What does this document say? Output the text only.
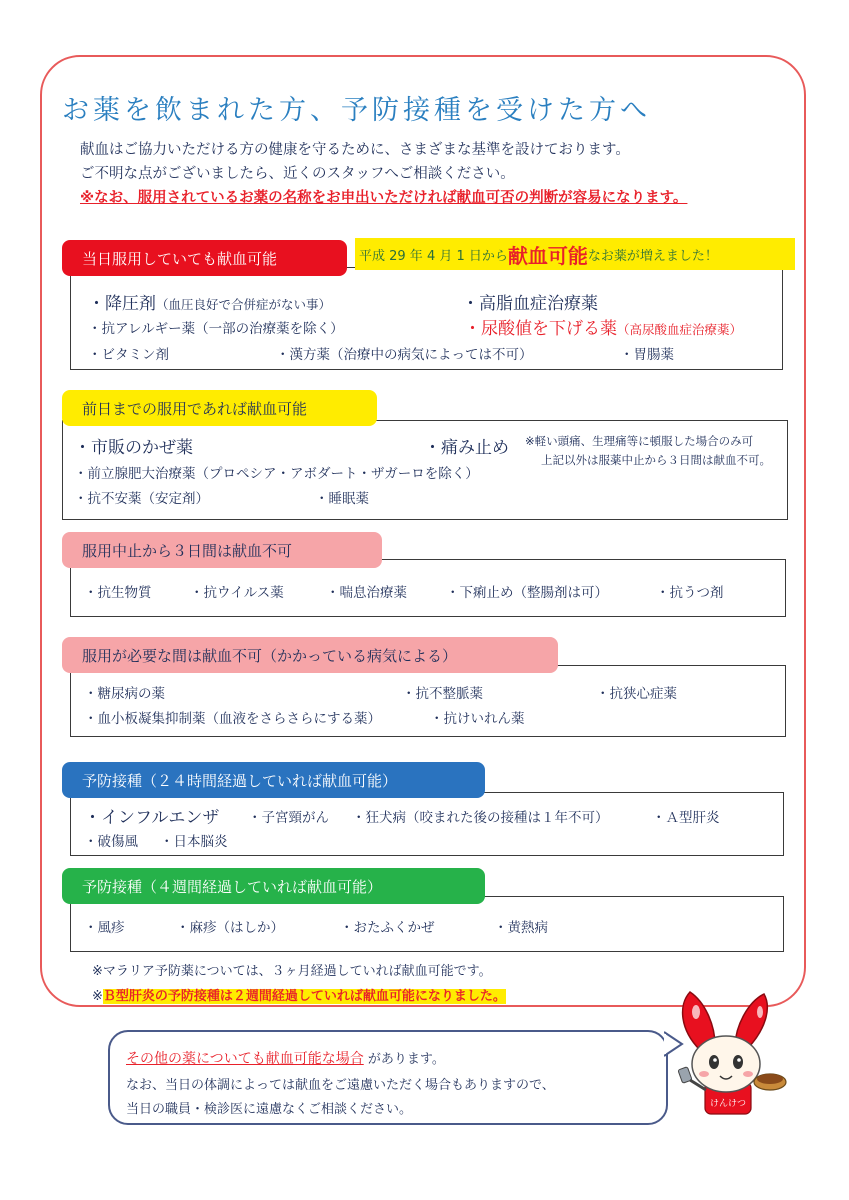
お薬を飲まれた方、予防接種を受けた方へ
献血はご協力いただける方の健康を守るために、さまざまな基準を設けております。
ご不明な点がございましたら、近くのスタッフへご相談ください。
※なお、服用されているお薬の名称をお申出いただければ献血可否の判断が容易になります。
当日服用していても献血可能	平成 29 年 4 月 1 日から 献血可能 なお薬が増えました！
・降圧剤（血圧良好で合併症がない事）	・高脂血症治療薬
・抗アレルギー薬（一部の治療薬を除く）	・尿酸値を下げる薬（高尿酸血症治療薬）
・ビタミン剤	・漢方薬（治療中の病気によっては不可）	・胃腸薬
前日までの服用であれば献血可能
・市販のかぜ薬	・痛み止め ※軽い頭痛、生理痛等に頓服した場合のみ可
上記以外は服薬中止から３日間は献血不可。
・前立腺肥大治療薬（プロペシア・アボダート・ザガーロを除く）
・抗不安薬（安定剤）	・睡眠薬
服用中止から３日間は献血不可
・抗生物質	・抗ウイルス薬	・喘息治療薬	・下痢止め（整腸剤は可）	・抗うつ剤
服用が必要な間は献血不可（かかっている病気による）
・糖尿病の薬	・抗不整脈薬	・抗狭心症薬
・血小板凝集抑制薬（血液をさらさらにする薬）	・抗けいれん薬
予防接種（２４時間経過していれば献血可能）
・インフルエンザ ・子宮頸がん ・狂犬病（咬まれた後の接種は１年不可）	・Ａ型肝炎
・破傷風 ・日本脳炎
予防接種（４週間経過していれば献血可能）
・風疹	・麻疹（はしか）	・おたふくかぜ	・黄熱病
※マラリア予防薬については、３ヶ月経過していれば献血可能です。
※Ｂ型肝炎の予防接種は２週間経過していれば献血可能になりました。
その他の薬についても献血可能な場合 があります。
なお、当日の体調によっては献血をご遠慮いただく場合もありますので、
当日の職員・検診医に遠慮なくご相談ください。	けんけつ
